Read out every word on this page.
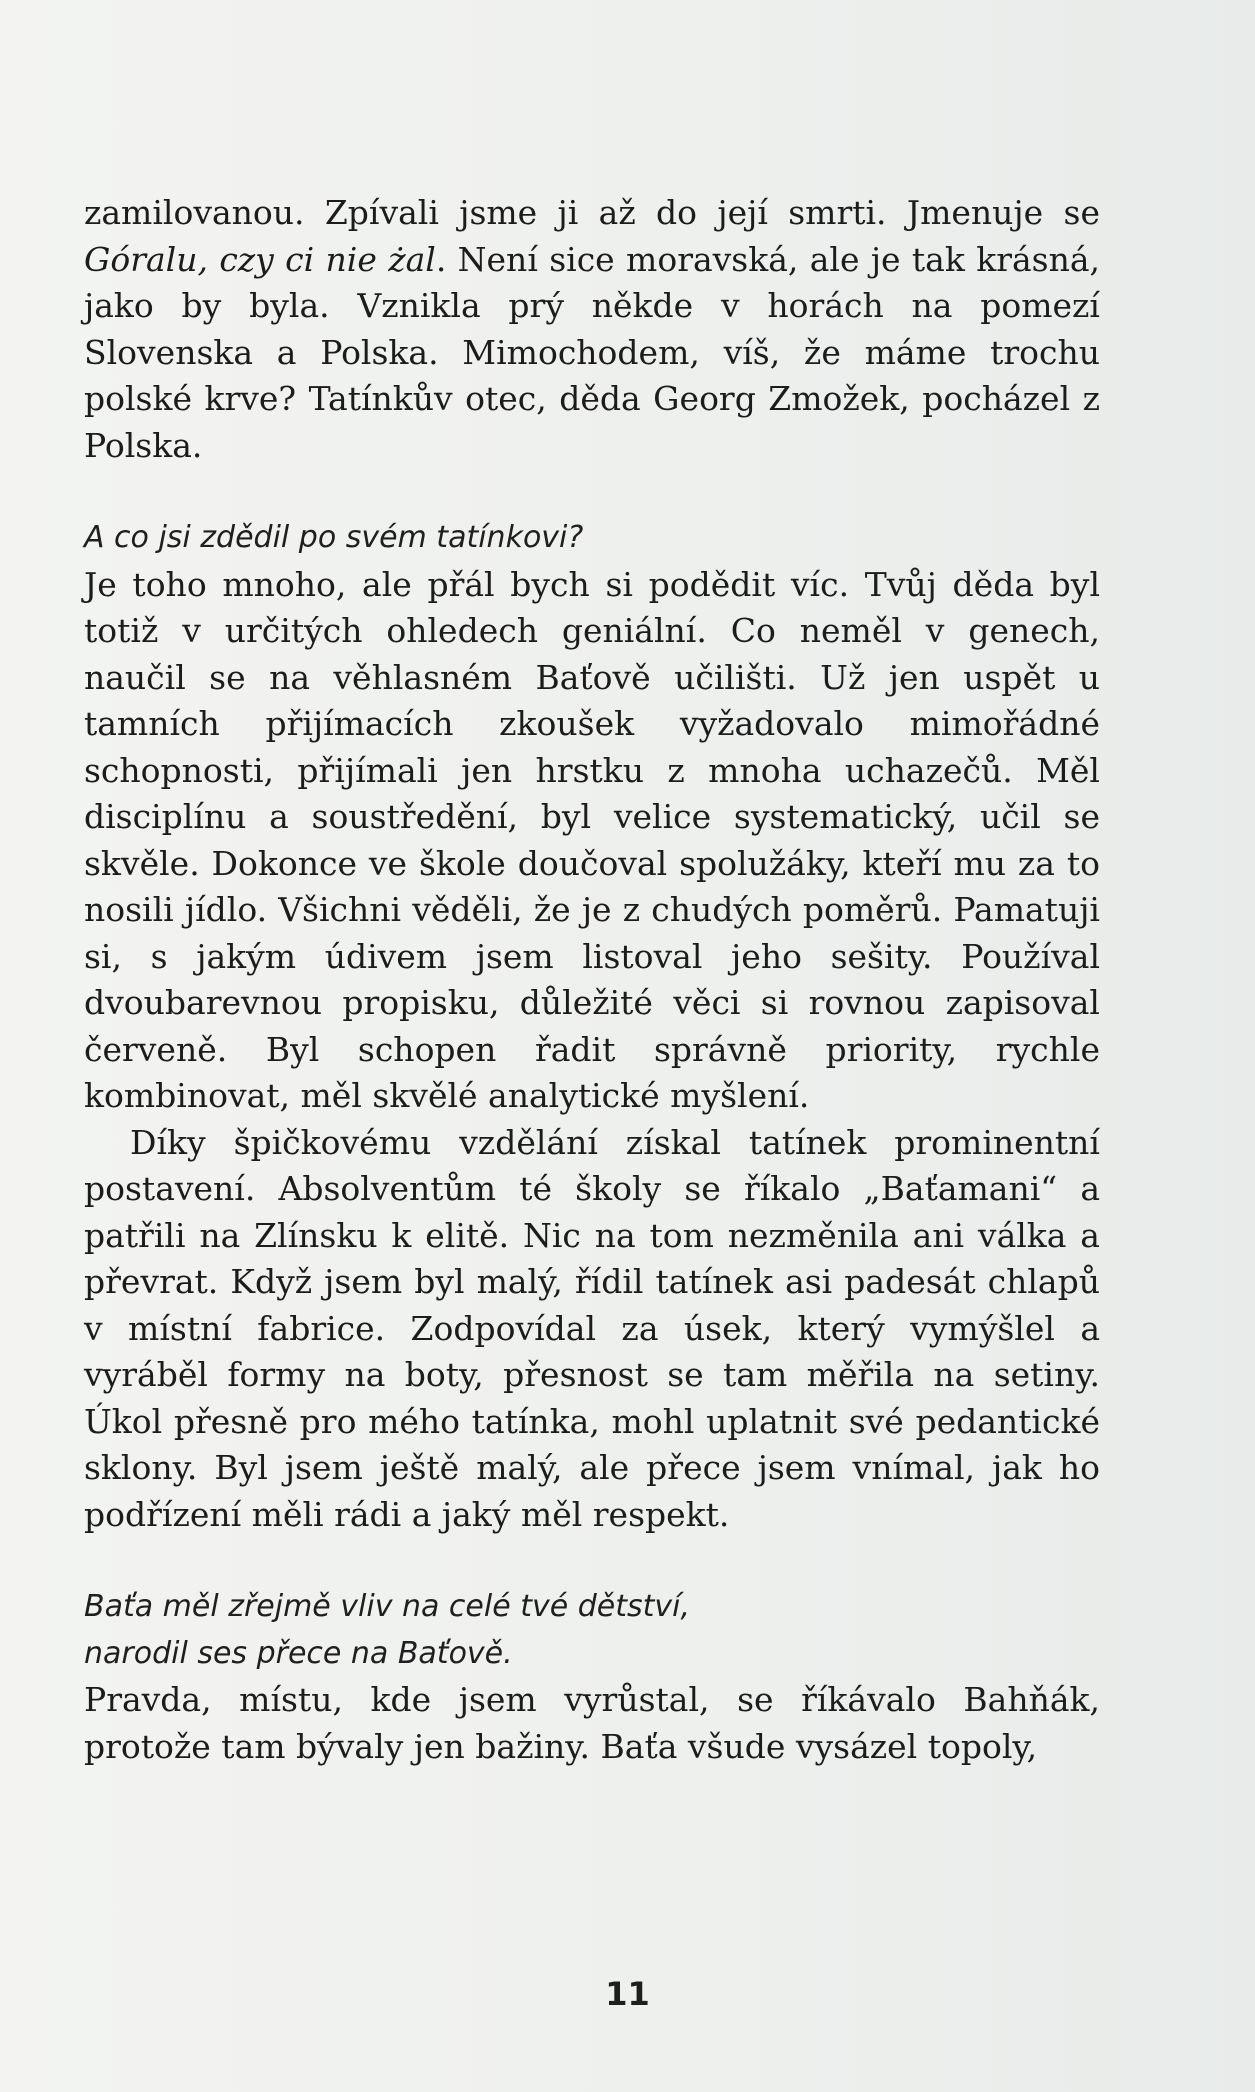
zamilovanou. Zpívali jsme ji až do její smrti. Jmenuje se Góralu, czy ci nie żal. Není sice moravská, ale je tak krásná, jako by byla. Vznikla prý někde v horách na pomezí Slovenska a Polska. Mimochodem, víš, že máme trochu polské krve? Tatínkův otec, děda Georg Zmožek, pocházel z Polska.

A co jsi zdědil po svém tatínkovi?

Je toho mnoho, ale přál bych si podědit víc. Tvůj děda byl totiž v určitých ohledech geniální. Co neměl v genech, naučil se na věhlasném Baťově učilišti. Už jen uspět u tamních přijímacích zkoušek vyžadovalo mimořádné schopnosti, přijímali jen hrstku z mnoha uchazečů. Měl disciplínu a soustředění, byl velice systematický, učil se skvěle. Dokonce ve škole doučoval spolužáky, kteří mu za to nosili jídlo. Všichni věděli, že je z chudých poměrů. Pamatuji si, s jakým údivem jsem listoval jeho sešity. Používal dvoubarevnou propisku, důležité věci si rovnou zapisoval červeně. Byl schopen řadit správně priority, rychle kombinovat, měl skvělé analytické myšlení.

Díky špičkovému vzdělání získal tatínek prominentní postavení. Absolventům té školy se říkalo „Baťamani“ a patřili na Zlínsku k elitě. Nic na tom nezměnila ani válka a převrat. Když jsem byl malý, řídil tatínek asi padesát chlapů v místní fabrice. Zodpovídal za úsek, který vymýšlel a vyráběl formy na boty, přesnost se tam měřila na setiny. Úkol přesně pro mého tatínka, mohl uplatnit své pedantické sklony. Byl jsem ještě malý, ale přece jsem vnímal, jak ho podřízení měli rádi a jaký měl respekt.

Baťa měl zřejmě vliv na celé tvé dětství,
narodil ses přece na Baťově.

Pravda, místu, kde jsem vyrůstal, se říkávalo Bahňák, protože tam bývaly jen bažiny. Baťa všude vysázel topoly,

11
